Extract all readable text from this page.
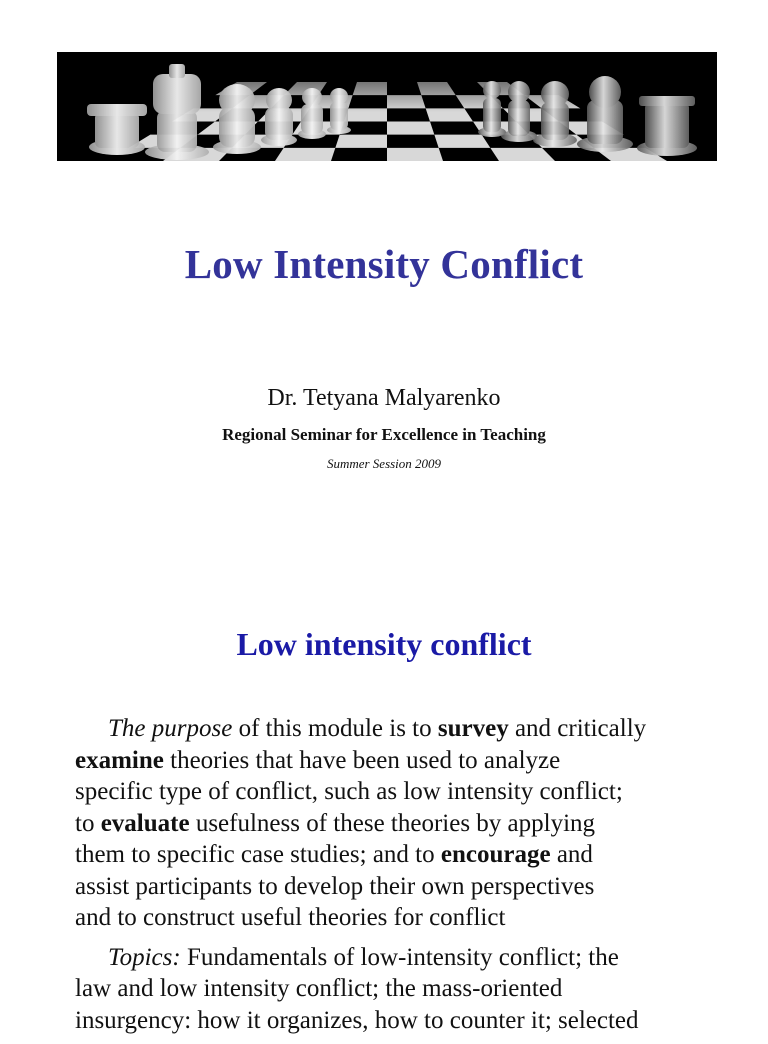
Low Intensity Conflict
Dr. Tetyana Malyarenko
Regional Seminar for Excellence in Teaching
Summer Session 2009
Low intensity conflict

The purpose of this module is to survey and critically
examine theories that have been used to analyze
specific type of conflict, such as low intensity conflict;
to evaluate usefulness of these theories by applying
them to specific case studies; and to encourage and
assist participants to develop their own perspectives
and to construct useful theories for conflict

Topics: Fundamentals of low-intensity conflict; the
law and low intensity conflict; the mass-oriented
insurgency: how it organizes, how to counter it; selected
